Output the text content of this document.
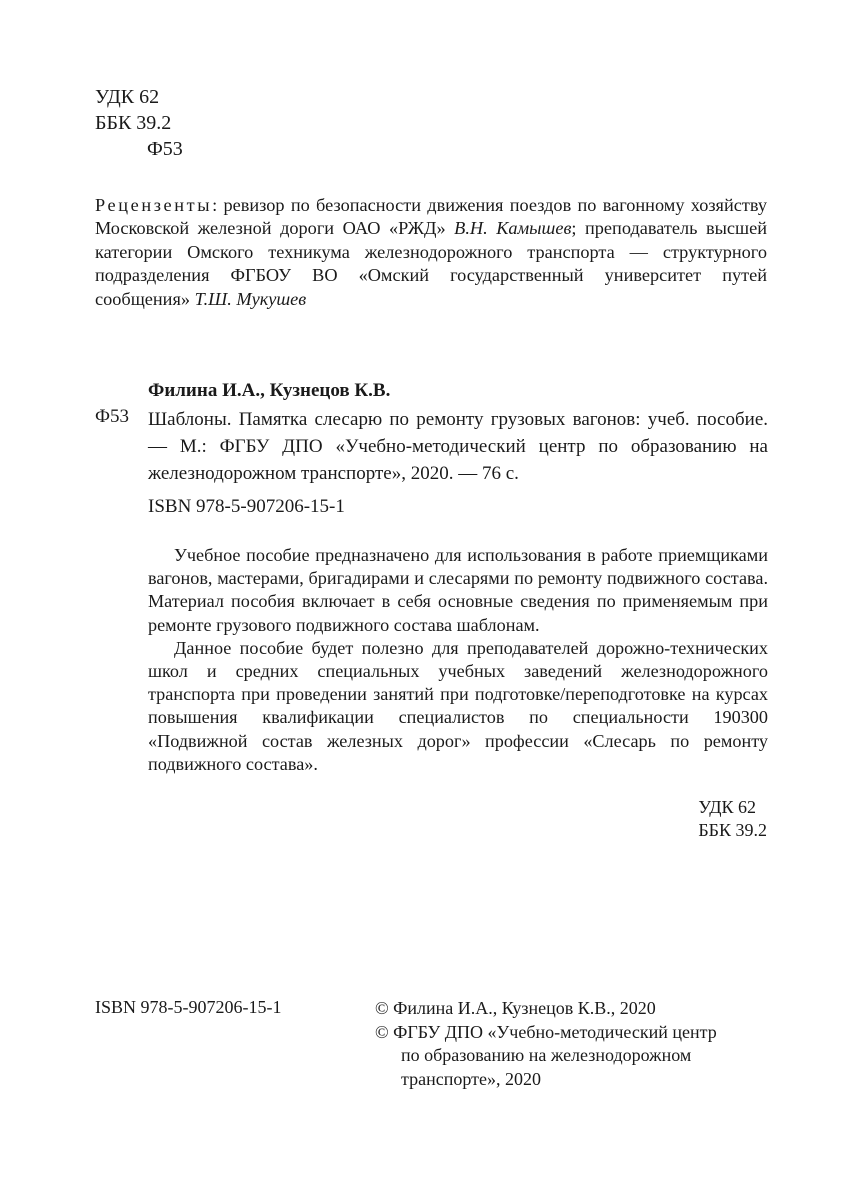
УДК 62
ББК 39.2
Ф53
Рецензенты: ревизор по безопасности движения поездов по вагонному хозяйству Московской железной дороги ОАО «РЖД» В.Н. Камышев; преподаватель высшей категории Омского техникума железнодорожного транспорта — структурного подразделения ФГБОУ ВО «Омский государственный университет путей сообщения» Т.Ш. Мукушев
Филина И.А., Кузнецов К.В.
Ф53 Шаблоны. Памятка слесарю по ремонту грузовых вагонов: учеб. пособие. — М.: ФГБУ ДПО «Учебно-методический центр по образованию на железнодорожном транспорте», 2020. — 76 с.
ISBN 978-5-907206-15-1

Учебное пособие предназначено для использования в работе приемщиками вагонов, мастерами, бригадирами и слесарями по ремонту подвижного состава. Материал пособия включает в себя основные сведения по применяемым при ремонте грузового подвижного состава шаблонам.

Данное пособие будет полезно для преподавателей дорожно-технических школ и средних специальных учебных заведений железнодорожного транспорта при проведении занятий при подготовке/переподготовке на курсах повышения квалификации специалистов по специальности 190300 «Подвижной состав железных дорог» профессии «Слесарь по ремонту подвижного состава».

УДК 62
ББК 39.2
ISBN 978-5-907206-15-1	© Филина И.А., Кузнецов К.В., 2020
© ФГБУ ДПО «Учебно-методический центр
по образованию на железнодорожном
транспорте», 2020
